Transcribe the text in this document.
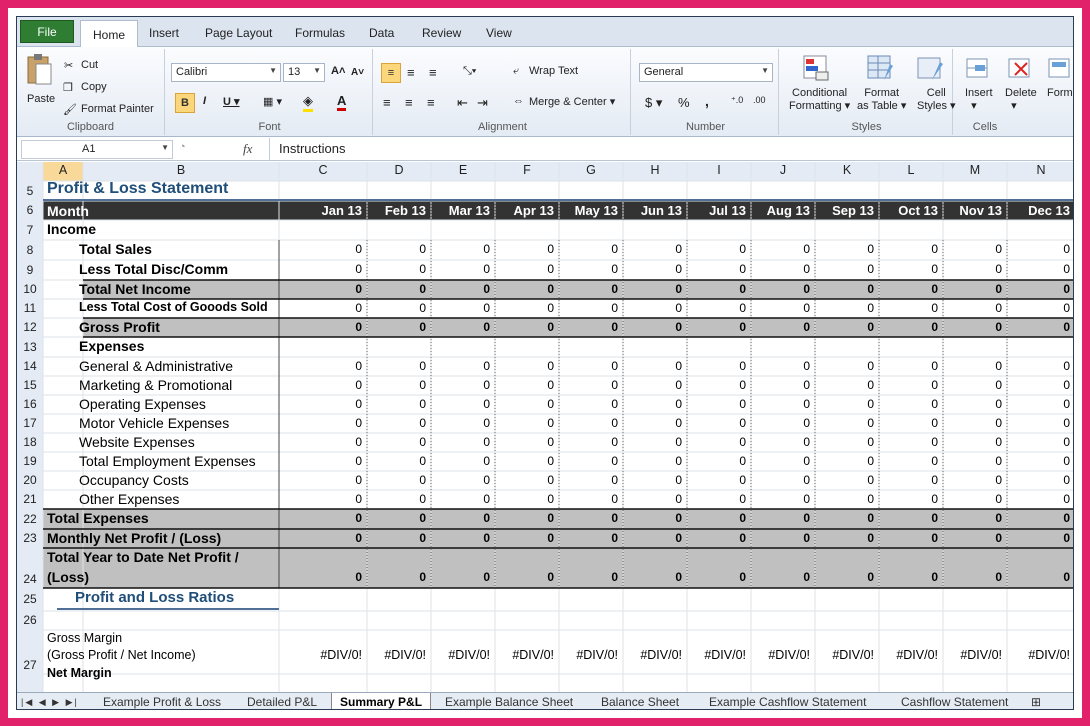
File	Home	Insert Page Layout Formulas Data Review View
Paste
✂ Cut
❐ Copy
🖌 Format Painter
Clipboard
Calibri	▼	13 ▼ A˄ A˅
B	I U ▾ ▦ ▾ ◈ A
Font
≡ ≡ ≡ ⤡▾
≡ ≡ ≡ ⇤ ⇥
⤶ Wrap Text
⇔ Merge & Center ▾
Alignment
General	▼
$ ▾ % , ⁺.0 .00
Number
Conditional
Formatting ▾
Format
as Table ▾
Cell
Styles ▾
Styles
Insert
▾
Delete
▾
Form
Cells
A1	▼ ◔	fx Instructions
5
6
7
8
9
10
11
12
13
14
15
16
17
18
19
20
21
22
23
24
25
26
27
A	B	C	D	E	F	G	H	I	J	K	L	M	N
Profit & Loss Statement
Month	Jan 13	Feb 13	Mar 13	Apr 13	May 13	Jun 13	Jul 13	Aug 13	Sep 13	Oct 13	Nov 13	Dec 13
Income
Expenses
Total Sales	0	0	0	0	0	0	0	0	0	0	0	0
Less Total Disc/Comm	0	0	0	0	0	0	0	0	0	0	0	0
Total Net Income	0	0	0	0	0	0	0	0	0	0	0	0
Less Total Cost of Gooods Sold	0	0	0	0	0	0	0	0	0	0	0	0
Gross Profit	0	0	0	0	0	0	0	0	0	0	0	0
General & Administrative	0	0	0	0	0	0	0	0	0	0	0	0
Marketing & Promotional	0	0	0	0	0	0	0	0	0	0	0	0
Operating Expenses	0	0	0	0	0	0	0	0	0	0	0	0
Motor Vehicle Expenses	0	0	0	0	0	0	0	0	0	0	0	0
Website Expenses	0	0	0	0	0	0	0	0	0	0	0	0
Total Employment Expenses	0	0	0	0	0	0	0	0	0	0	0	0
Occupancy Costs	0	0	0	0	0	0	0	0	0	0	0	0
Other Expenses	0	0	0	0	0	0	0	0	0	0	0	0
Total Expenses	0	0	0	0	0	0	0	0	0	0	0	0
Monthly Net Profit / (Loss)	0	0	0	0	0	0	0	0	0	0	0	0
Total Year to Date Net Profit /
(Loss)	0	0	0	0	0	0	0	0	0	0	0	0
Profit and Loss Ratios
Gross Margin
(Gross Profit / Net Income)	#DIV/0!	#DIV/0!	#DIV/0!	#DIV/0!	#DIV/0!	#DIV/0!	#DIV/0!	#DIV/0!	#DIV/0!	#DIV/0!	#DIV/0!	#DIV/0!
Net Margin
|◀ ◀ ▶ ▶|	Example Profit & Loss	Detailed P&L	Summary P&L	Example Balance Sheet	Balance Sheet	Example Cashflow Statement	Cashflow Statement	⊞
